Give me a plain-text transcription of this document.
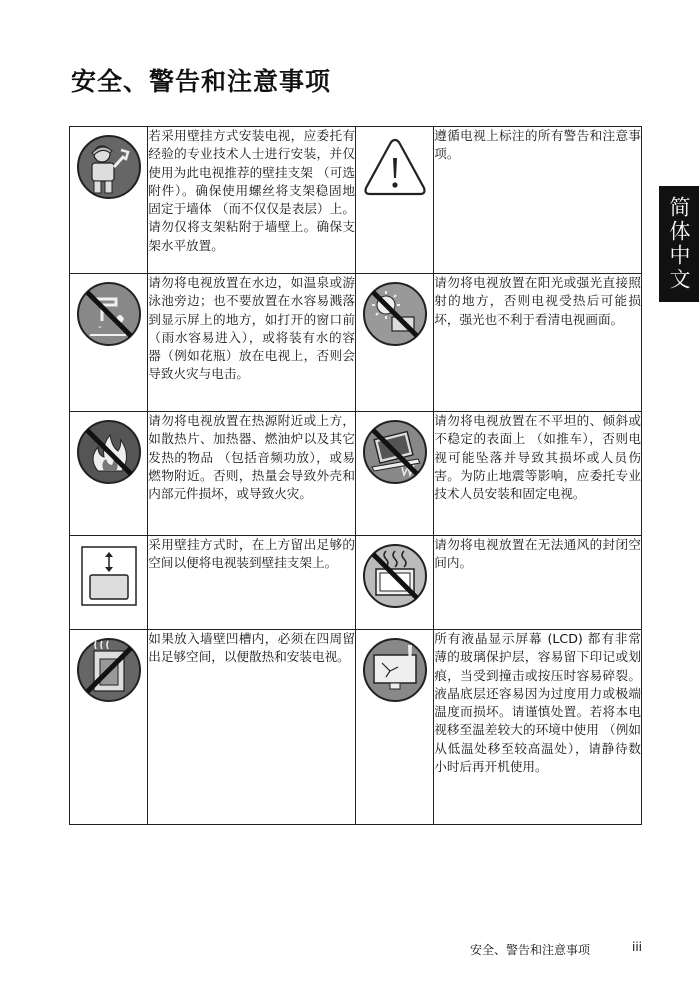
安全、警告和注意事项
简体中文

若采用壁挂方式安装电视，应委托有经验的专业技术人士进行安装，并仅使用为此电视推荐的壁挂支架 （可选附件）。确保使用螺丝将支架稳固地固定于墙体 （而不仅仅是表层）上。请勿仅将支架粘附于墙壁上。确保支架水平放置。		遵循电视上标注的所有警告和注意事项。

请勿将电视放置在水边，如温泉或游泳池旁边；也不要放置在水容易溅落到显示屏上的地方，如打开的窗口前 （雨水容易进入），或将装有水的容器（例如花瓶）放在电视上，否则会导致火灾与电击。		请勿将电视放置在阳光或强光直接照射的地方，否则电视受热后可能损坏，强光也不利于看清电视画面。

请勿将电视放置在热源附近或上方，如散热片、加热器、燃油炉以及其它发热的物品 （包括音频功放），或易燃物附近。否则，热量会导致外壳和内部元件损坏，或导致火灾。		请勿将电视放置在不平坦的、倾斜或不稳定的表面上 （如推车），否则电视可能坠落并导致其损坏或人员伤害。为防止地震等影响，应委托专业技术人员安装和固定电视。

采用壁挂方式时，在上方留出足够的空间以便将电视装到壁挂支架上。		请勿将电视放置在无法通风的封闭空间内。

如果放入墙壁凹槽内，必须在四周留出足够空间，以便散热和安装电视。		所有液晶显示屏幕 (LCD) 都有非常薄的玻璃保护层，容易留下印记或划痕，当受到撞击或按压时容易碎裂。液晶底层还容易因为过度用力或极端温度而损坏。请谨慎处置。若将本电视移至温差较大的环境中使用 （例如从低温处移至较高温处），请静待数小时后再开机使用。
安全、警告和注意事项	iii
